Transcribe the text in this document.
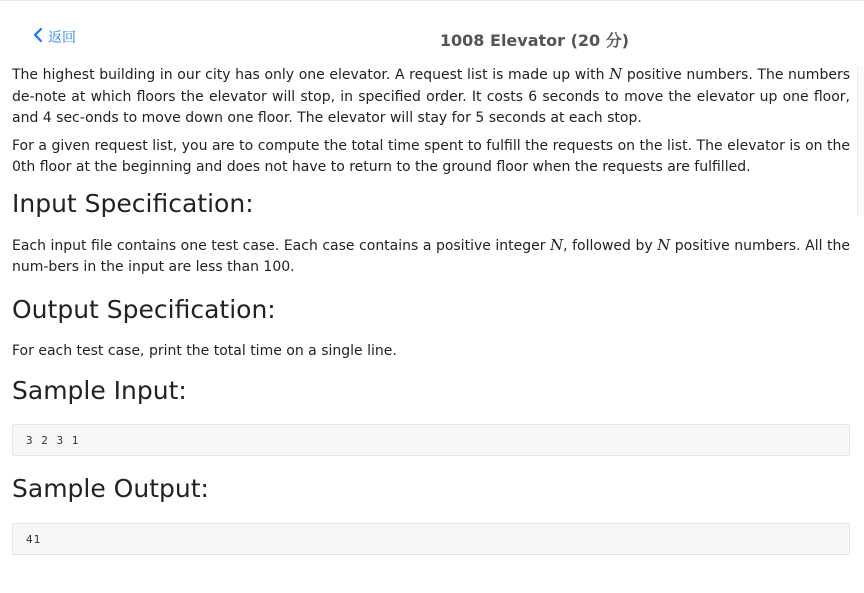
返回	1008 Elevator (20 分)

The highest building in our city has only one elevator. A request list is made up with N positive numbers. The numbers de-note at which floors the elevator will stop, in specified order. It costs 6 seconds to move the elevator up one floor, and 4 sec-onds to move down one floor. The elevator will stay for 5 seconds at each stop.

For a given request list, you are to compute the total time spent to fulfill the requests on the list. The elevator is on the 0th floor at the beginning and does not have to return to the ground floor when the requests are fulfilled.

Input Specification:

Each input file contains one test case. Each case contains a positive integer N, followed by N positive numbers. All the num-bers in the input are less than 100.

Output Specification:

For each test case, print the total time on a single line.

Sample Input:
3 2 3 1
Sample Output:
41
